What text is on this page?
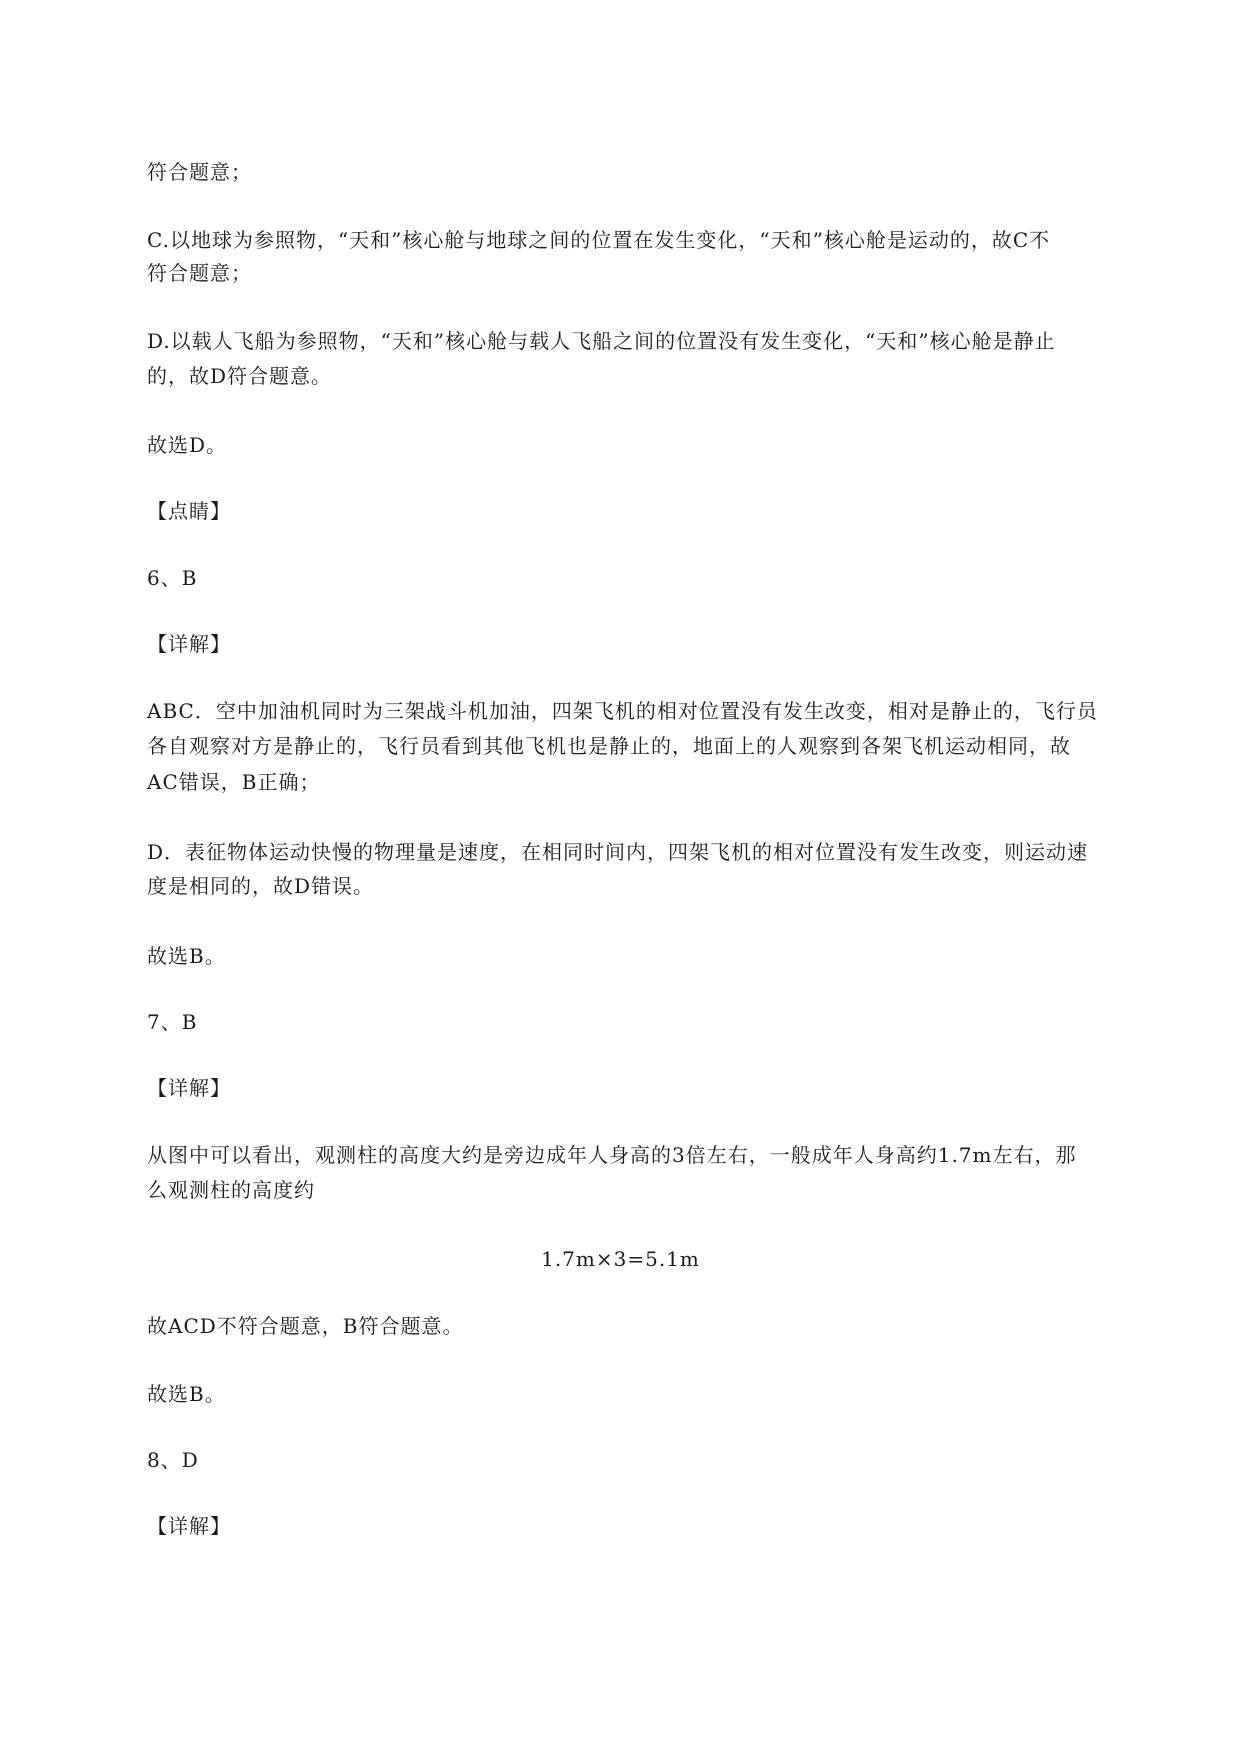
符合题意；
C.以地球为参照物，“天和”核心舱与地球之间的位置在发生变化，“天和”核心舱是运动的，故C不
符合题意；
D.以载人飞船为参照物，“天和”核心舱与载人飞船之间的位置没有发生变化，“天和”核心舱是静止
的，故D符合题意。
故选D。
【点睛】
6、B
【详解】
ABC．空中加油机同时为三架战斗机加油，四架飞机的相对位置没有发生改变，相对是静止的，飞行员
各自观察对方是静止的，飞行员看到其他飞机也是静止的，地面上的人观察到各架飞机运动相同，故
AC错误，B正确；
D．表征物体运动快慢的物理量是速度，在相同时间内，四架飞机的相对位置没有发生改变，则运动速
度是相同的，故D错误。
故选B。
7、B
【详解】
从图中可以看出，观测柱的高度大约是旁边成年人身高的3倍左右，一般成年人身高约1.7m左右，那
么观测柱的高度约
1.7m×3=5.1m
故ACD不符合题意，B符合题意。
故选B。
8、D
【详解】
